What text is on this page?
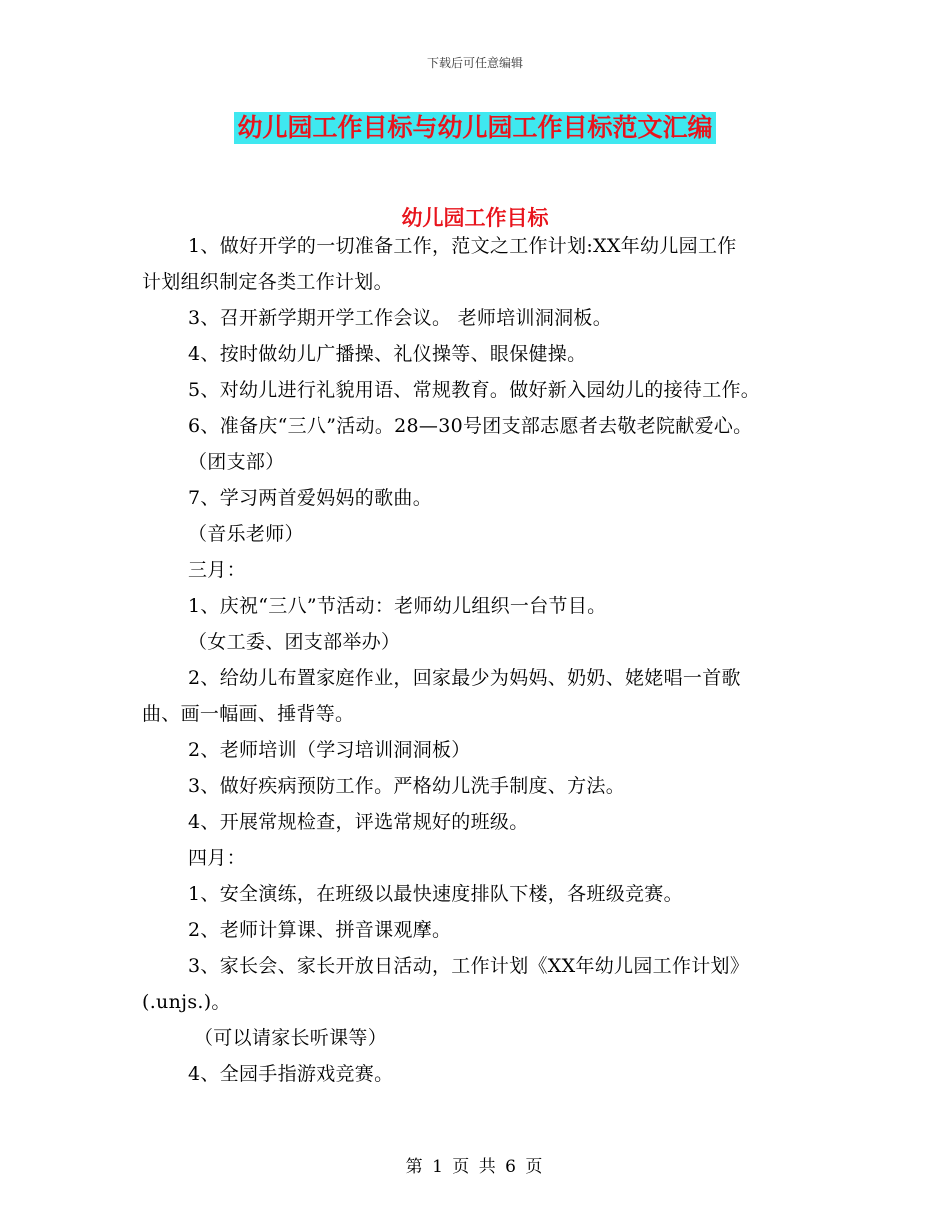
下载后可任意编辑
幼儿园工作目标与幼儿园工作目标范文汇编
幼儿园工作目标
1、做好开学的一切准备工作，范文之工作计划:XX年幼儿园工作
计划组织制定各类工作计划。
3、召开新学期开学工作会议。 老师培训洞洞板。
4、按时做幼儿广播操、礼仪操等、眼保健操。
5、对幼儿进行礼貌用语、常规教育。做好新入园幼儿的接待工作。
6、准备庆“三八”活动。28—30号团支部志愿者去敬老院献爱心。
（团支部）
7、学习两首爱妈妈的歌曲。
（音乐老师）
三月：
1、庆祝“三八”节活动：老师幼儿组织一台节目。
（女工委、团支部举办）
2、给幼儿布置家庭作业，回家最少为妈妈、奶奶、姥姥唱一首歌
曲、画一幅画、捶背等。
2、老师培训（学习培训洞洞板）
3、做好疾病预防工作。严格幼儿洗手制度、方法。
4、开展常规检查，评选常规好的班级。
四月：
1、安全演练，在班级以最快速度排队下楼，各班级竞赛。
2、老师计算课、拼音课观摩。
3、家长会、家长开放日活动，工作计划《XX年幼儿园工作计划》
(.unjs.)。
（可以请家长听课等）
4、全园手指游戏竞赛。
第 1 页 共 6 页
